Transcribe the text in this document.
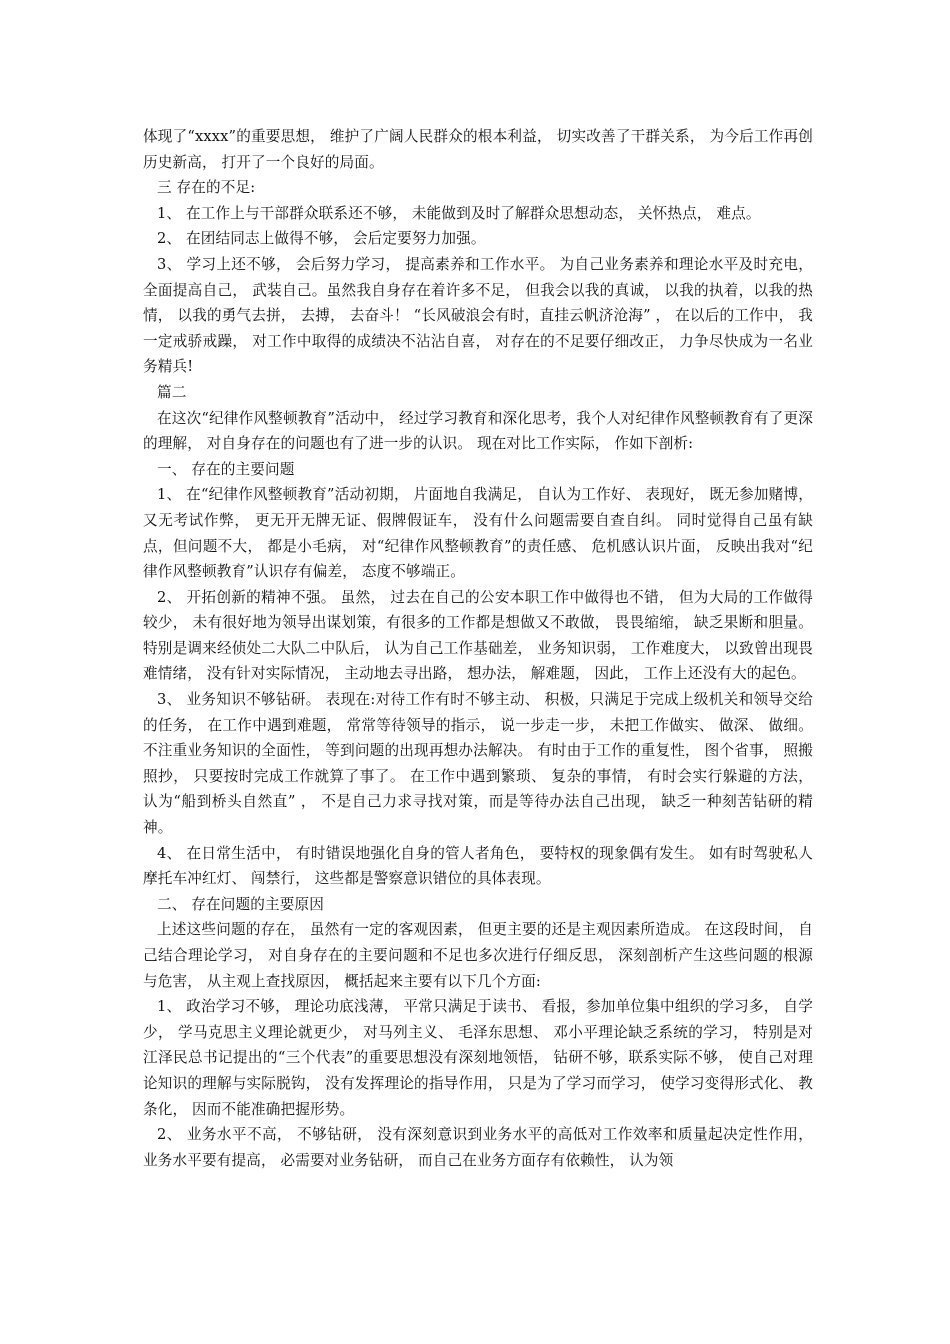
体现了“xxxx”的重要思想， 维护了广阔人民群众的根本利益， 切实改善了干群关系， 为今后工作再创历史新高， 打开了一个良好的局面。

三 存在的不足:

1、 在工作上与干部群众联系还不够， 未能做到及时了解群众思想动态， 关怀热点， 难点。

2、 在团结同志上做得不够， 会后定要努力加强。

3、 学习上还不够， 会后努力学习， 提高素养和工作水平。 为自己业务素养和理论水平及时充电， 全面提高自己， 武装自己。虽然我自身存在着许多不足， 但我会以我的真诚， 以我的执着，以我的热情， 以我的勇气去拼， 去搏， 去奋斗！ “长风破浪会有时，直挂云帆济沧海” ， 在以后的工作中， 我一定戒骄戒躁， 对工作中取得的成绩决不沾沾自喜， 对存在的不足要仔细改正， 力争尽快成为一名业务精兵!

篇二

在这次“纪律作风整顿教育”活动中， 经过学习教育和深化思考，我个人对纪律作风整顿教育有了更深的理解， 对自身存在的问题也有了进一步的认识。 现在对比工作实际， 作如下剖析:

一、 存在的主要问题

1、 在“纪律作风整顿教育”活动初期， 片面地自我满足， 自认为工作好、 表现好， 既无参加赌博， 又无考试作弊， 更无开无牌无证、假牌假证车， 没有什么问题需要自查自纠。 同时觉得自己虽有缺点，但问题不大， 都是小毛病， 对“纪律作风整顿教育”的责任感、 危机感认识片面， 反映出我对“纪律作风整顿教育”认识存有偏差， 态度不够端正。

2、 开拓创新的精神不强。 虽然， 过去在自己的公安本职工作中做得也不错， 但为大局的工作做得较少， 未有很好地为领导出谋划策，有很多的工作都是想做又不敢做， 畏畏缩缩， 缺乏果断和胆量。 特别是调来经侦处二大队二中队后， 认为自己工作基础差， 业务知识弱， 工作难度大， 以致曾出现畏难情绪， 没有针对实际情况， 主动地去寻出路， 想办法， 解难题， 因此， 工作上还没有大的起色。

3、 业务知识不够钻研。 表现在:对待工作有时不够主动、 积极，只满足于完成上级机关和领导交给的任务， 在工作中遇到难题， 常常等待领导的指示， 说一步走一步， 未把工作做实、 做深、 做细。 不注重业务知识的全面性， 等到问题的出现再想办法解决。 有时由于工作的重复性， 图个省事， 照搬照抄， 只要按时完成工作就算了事了。 在工作中遇到繁琐、 复杂的事情， 有时会实行躲避的方法， 认为“船到桥头自然直” ， 不是自己力求寻找对策，而是等待办法自己出现， 缺乏一种刻苦钻研的精神。

4、 在日常生活中， 有时错误地强化自身的管人者角色， 要特权的现象偶有发生。 如有时驾驶私人摩托车冲红灯、 闯禁行， 这些都是警察意识错位的具体表现。

二、 存在问题的主要原因

上述这些问题的存在， 虽然有一定的客观因素， 但更主要的还是主观因素所造成。 在这段时间， 自己结合理论学习， 对自身存在的主要问题和不足也多次进行仔细反思， 深刻剖析产生这些问题的根源与危害， 从主观上查找原因， 概括起来主要有以下几个方面:

1、 政治学习不够， 理论功底浅薄， 平常只满足于读书、 看报，参加单位集中组织的学习多， 自学少， 学马克思主义理论就更少， 对马列主义、 毛泽东思想、 邓小平理论缺乏系统的学习， 特别是对江泽民总书记提出的“三个代表”的重要思想没有深刻地领悟， 钻研不够，联系实际不够， 使自己对理论知识的理解与实际脱钩， 没有发挥理论的指导作用， 只是为了学习而学习， 使学习变得形式化、 教条化， 因而不能准确把握形势。

2、 业务水平不高， 不够钻研， 没有深刻意识到业务水平的高低对工作效率和质量起决定性作用， 业务水平要有提高， 必需要对业务钻研， 而自己在业务方面存有依赖性， 认为领
